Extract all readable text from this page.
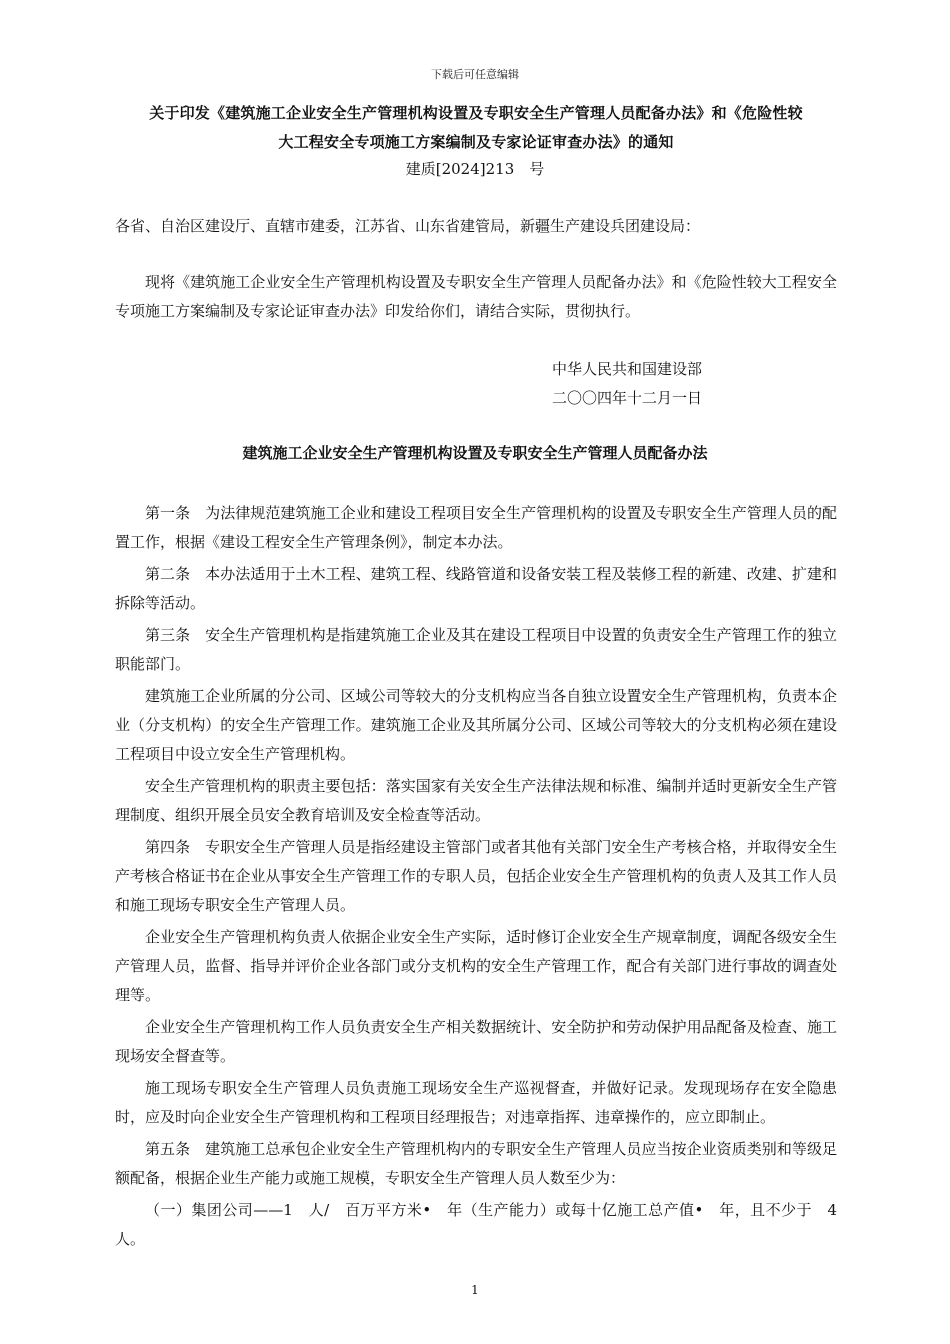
下载后可任意编辑
关于印发《建筑施工企业安全生产管理机构设置及专职安全生产管理人员配备办法》和《危险性较
大工程安全专项施工方案编制及专家论证审查办法》的通知
建质[2024]213　号
各省、自治区建设厅、直辖市建委，江苏省、山东省建管局，新疆生产建设兵团建设局：
现将《建筑施工企业安全生产管理机构设置及专职安全生产管理人员配备办法》和《危险性较大工程安全专项施工方案编制及专家论证审查办法》印发给你们，请结合实际，贯彻执行。
中华人民共和国建设部
二〇〇四年十二月一日
建筑施工企业安全生产管理机构设置及专职安全生产管理人员配备办法

第一条　为法律规范建筑施工企业和建设工程项目安全生产管理机构的设置及专职安全生产管理人员的配置工作，根据《建设工程安全生产管理条例》，制定本办法。

第二条　本办法适用于土木工程、建筑工程、线路管道和设备安装工程及装修工程的新建、改建、扩建和拆除等活动。

第三条　安全生产管理机构是指建筑施工企业及其在建设工程项目中设置的负责安全生产管理工作的独立职能部门。

建筑施工企业所属的分公司、区域公司等较大的分支机构应当各自独立设置安全生产管理机构，负责本企业（分支机构）的安全生产管理工作。建筑施工企业及其所属分公司、区域公司等较大的分支机构必须在建设工程项目中设立安全生产管理机构。

安全生产管理机构的职责主要包括：落实国家有关安全生产法律法规和标准、编制并适时更新安全生产管理制度、组织开展全员安全教育培训及安全检查等活动。

第四条　专职安全生产管理人员是指经建设主管部门或者其他有关部门安全生产考核合格，并取得安全生产考核合格证书在企业从事安全生产管理工作的专职人员，包括企业安全生产管理机构的负责人及其工作人员和施工现场专职安全生产管理人员。

企业安全生产管理机构负责人依据企业安全生产实际，适时修订企业安全生产规章制度，调配各级安全生产管理人员，监督、指导并评价企业各部门或分支机构的安全生产管理工作，配合有关部门进行事故的调查处理等。

企业安全生产管理机构工作人员负责安全生产相关数据统计、安全防护和劳动保护用品配备及检查、施工现场安全督查等。

施工现场专职安全生产管理人员负责施工现场安全生产巡视督查，并做好记录。发现现场存在安全隐患时，应及时向企业安全生产管理机构和工程项目经理报告；对违章指挥、违章操作的，应立即制止。

第五条　建筑施工总承包企业安全生产管理机构内的专职安全生产管理人员应当按企业资质类别和等级足额配备，根据企业生产能力或施工规模，专职安全生产管理人员人数至少为：

（一）集团公司——1　人/　百万平方米•　年（生产能力）或每十亿施工总产值•　年，且不少于　4　人。

1
